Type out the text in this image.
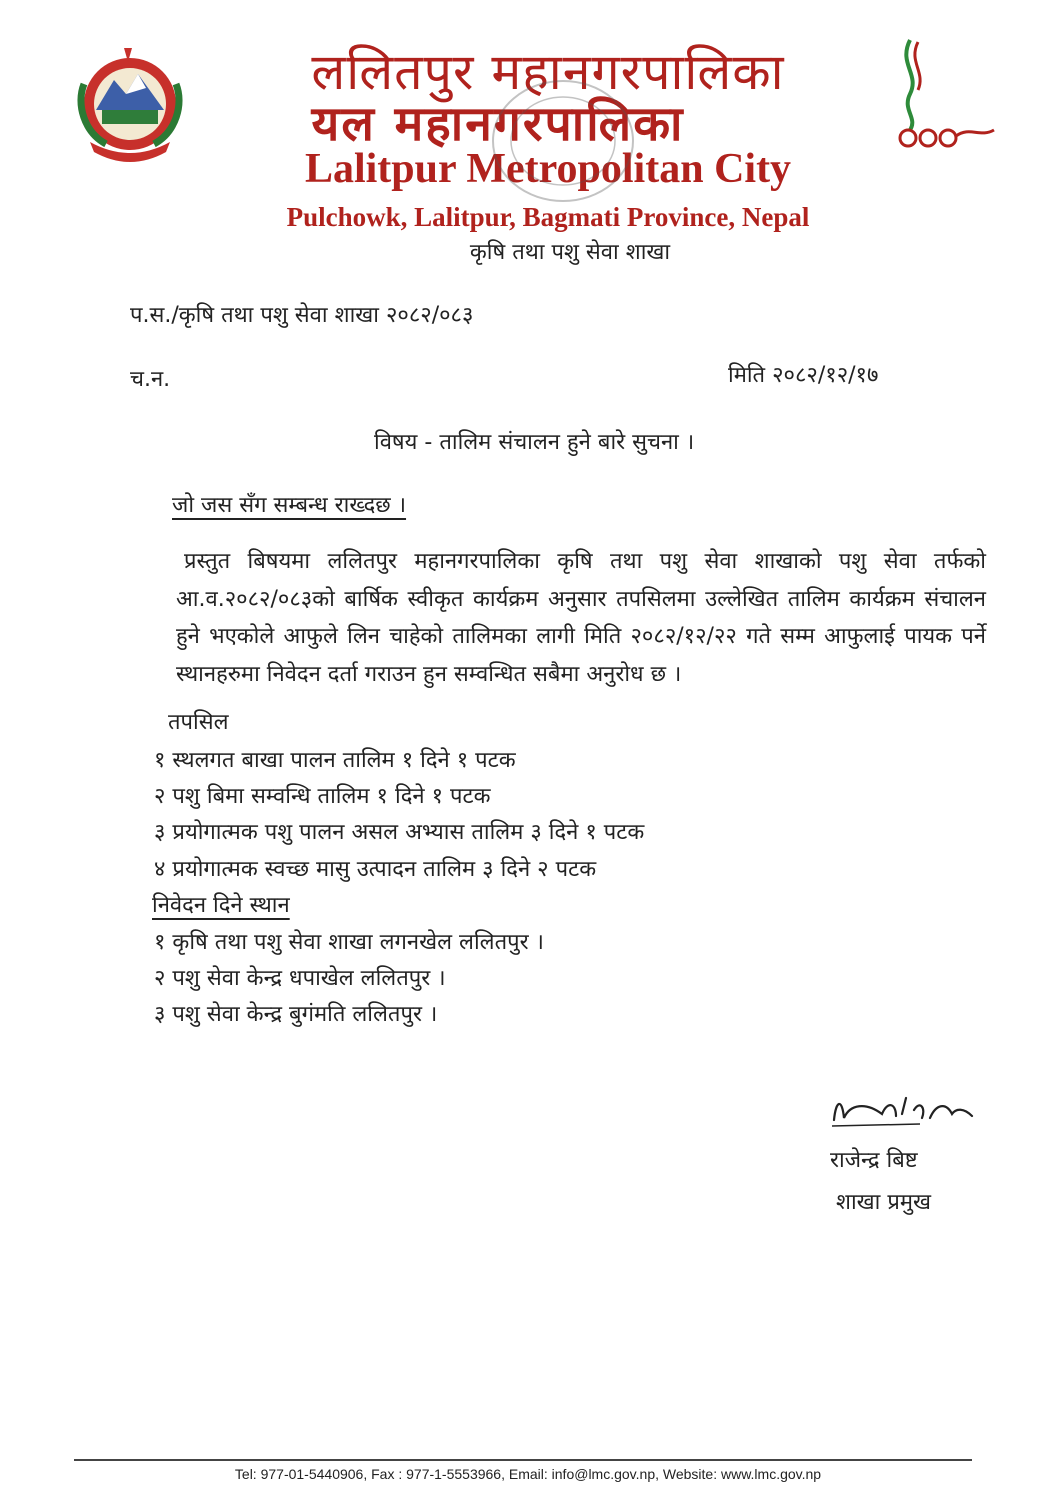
ललितपुर महानगरपालिका
यल महानगरपालिका
Lalitpur Metropolitan City
Pulchowk, Lalitpur, Bagmati Province, Nepal
कृषि तथा पशु सेवा शाखा
प.स./कृषि तथा पशु सेवा शाखा २०८२/०८३
च.न.	मिति २०८२/१२/१७
विषय - तालिम संचालन हुने बारे सुचना ।
जो जस सँग सम्बन्ध राख्दछ ।
प्रस्तुत बिषयमा ललितपुर महानगरपालिका कृषि तथा पशु सेवा शाखाको पशु सेवा तर्फको आ.व.२०८२/०८३को बार्षिक स्वीकृत कार्यक्रम अनुसार तपसिलमा उल्लेखित तालिम कार्यक्रम संचालन हुने भएकोले आफुले लिन चाहेको तालिमका लागी मिति २०८२/१२/२२ गते सम्म आफुलाई पायक पर्ने स्थानहरुमा निवेदन दर्ता गराउन हुन सम्वन्धित सबैमा अनुरोध छ ।
तपसिल
१ स्थलगत बाखा पालन तालिम १ दिने १ पटक
२ पशु बिमा सम्वन्धि तालिम १ दिने १ पटक
३ प्रयोगात्मक पशु पालन असल अभ्यास तालिम ३ दिने १ पटक
४ प्रयोगात्मक स्वच्छ मासु उत्पादन तालिम ३ दिने २ पटक
निवेदन दिने स्थान
१ कृषि तथा पशु सेवा शाखा लगनखेल ललितपुर ।
२ पशु सेवा केन्द्र धपाखेल ललितपुर ।
३ पशु सेवा केन्द्र बुगंमति ललितपुर ।
राजेन्द्र बिष्ट
शाखा प्रमुख
Tel: 977-01-5440906, Fax : 977-1-5553966, Email: info@lmc.gov.np, Website: www.lmc.gov.np
